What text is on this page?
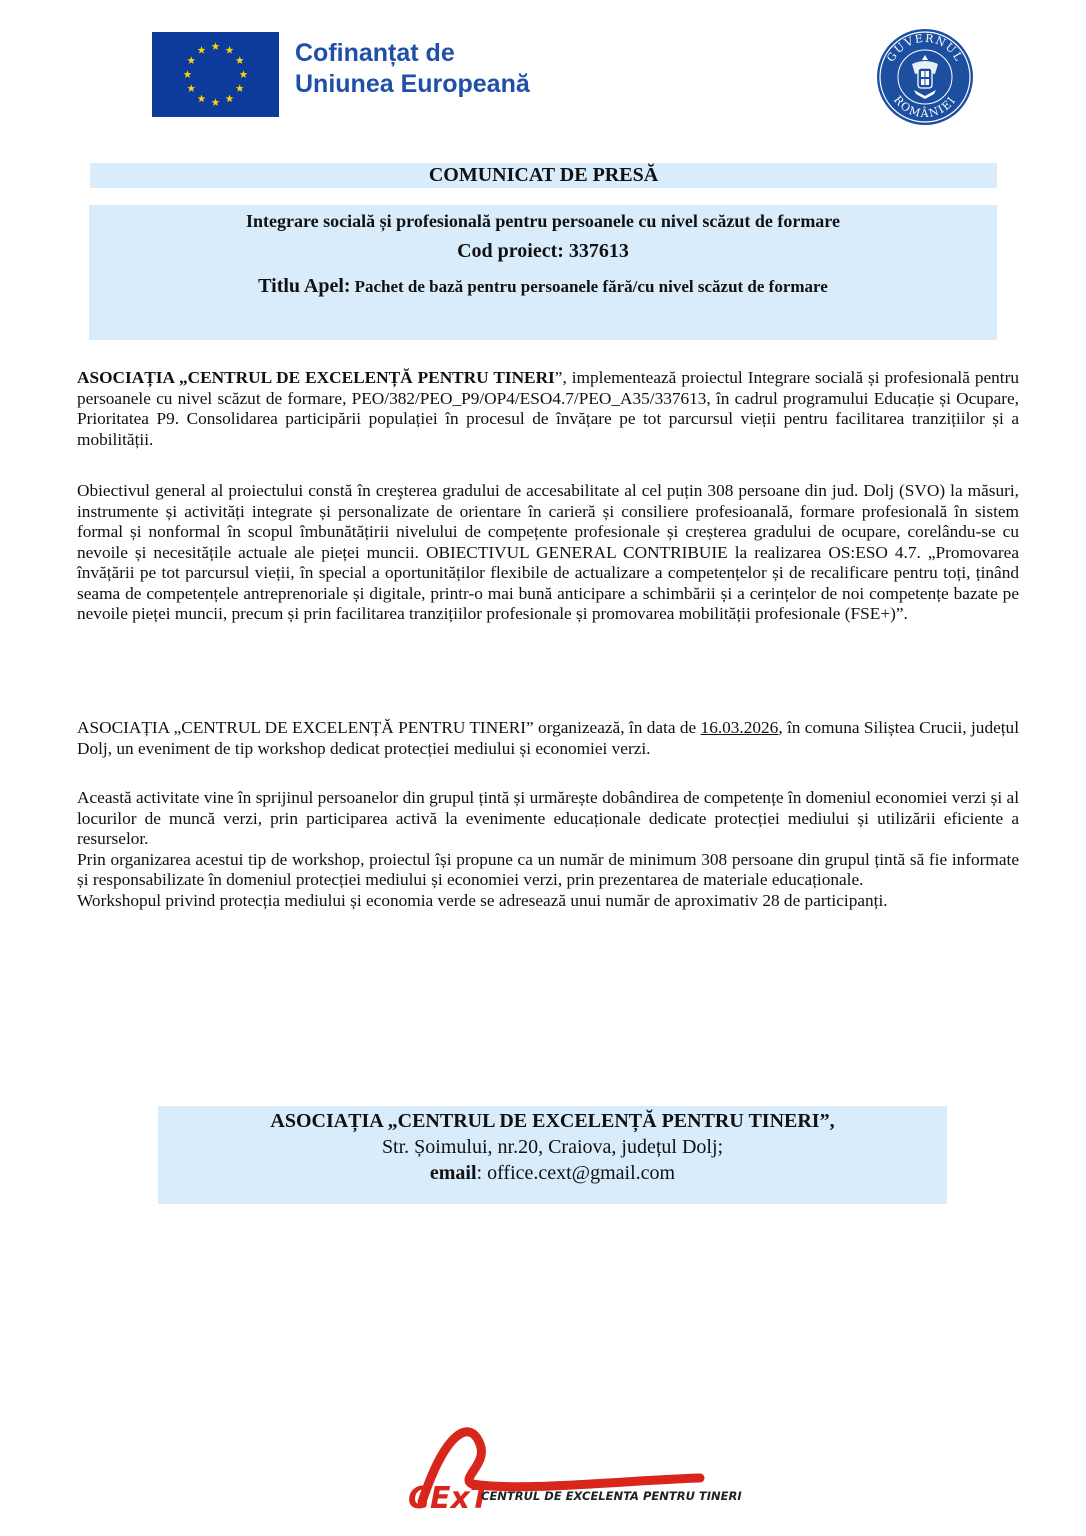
Cofinanțat de
Uniunea Europeană
GUVERNUL
ROMÂNIEI
COMUNICAT DE PRESĂ
Integrare socială și profesională pentru persoanele cu nivel scăzut de formare
Cod proiect: 337613
Titlu Apel: Pachet de bază pentru persoanele fără/cu nivel scăzut de formare
ASOCIAȚIA „CENTRUL DE EXCELENȚĂ PENTRU TINERI”, implementează proiectul Integrare socială și profesională pentru persoanele cu nivel scăzut de formare, PEO/382/PEO_P9/OP4/ESO4.7/PEO_A35/337613, în cadrul programului Educație și Ocupare, Prioritatea P9. Consolidarea participării populației în procesul de învățare pe tot parcursul vieții pentru facilitarea tranzițiilor și a mobilității.
Obiectivul general al proiectului constă în creşterea gradului de accesabilitate al cel puțin 308 persoane din jud. Dolj (SVO) la măsuri, instrumente și activități integrate și personalizate de orientare în carieră și consiliere profesioanală, formare profesională în sistem formal și nonformal în scopul îmbunătățirii nivelului de compețente profesionale și creșterea gradului de ocupare, corelându-se cu nevoile și necesitățile actuale ale pieței muncii. OBIECTIVUL GENERAL CONTRIBUIE la realizarea OS:ESO 4.7. „Promovarea învățării pe tot parcursul vieții, în special a oportunităților flexibile de actualizare a competențelor și de recalificare pentru toți, ținând seama de competențele antreprenoriale și digitale, printr-o mai bună anticipare a schimbării și a cerințelor de noi competențe bazate pe nevoile pieței muncii, precum și prin facilitarea tranzițiilor profesionale și promovarea mobilității profesionale (FSE+)”.
ASOCIAȚIA „CENTRUL DE EXCELENȚĂ PENTRU TINERI” organizează, în data de 16.03.2026, în comuna Siliștea Crucii, județul Dolj, un eveniment de tip workshop dedicat protecției mediului și economiei verzi.
Această activitate vine în sprijinul persoanelor din grupul țintă și urmărește dobândirea de competențe în domeniul economiei verzi și al locurilor de muncă verzi, prin participarea activă la evenimente educaționale dedicate protecției mediului și utilizării eficiente a resurselor.
Prin organizarea acestui tip de workshop, proiectul își propune ca un număr de minimum 308 persoane din grupul țintă să fie informate și responsabilizate în domeniul protecției mediului și economiei verzi, prin prezentarea de materiale educaționale.
Workshopul privind protecția mediului și economia verde se adresează unui număr de aproximativ 28 de participanți.
ASOCIAȚIA „CENTRUL DE EXCELENȚĂ PENTRU TINERI”,
Str. Șoimului, nr.20, Craiova, județul Dolj;
email: office.cext@gmail.com
CExT
CENTRUL DE EXCELENTA PENTRU TINERI
